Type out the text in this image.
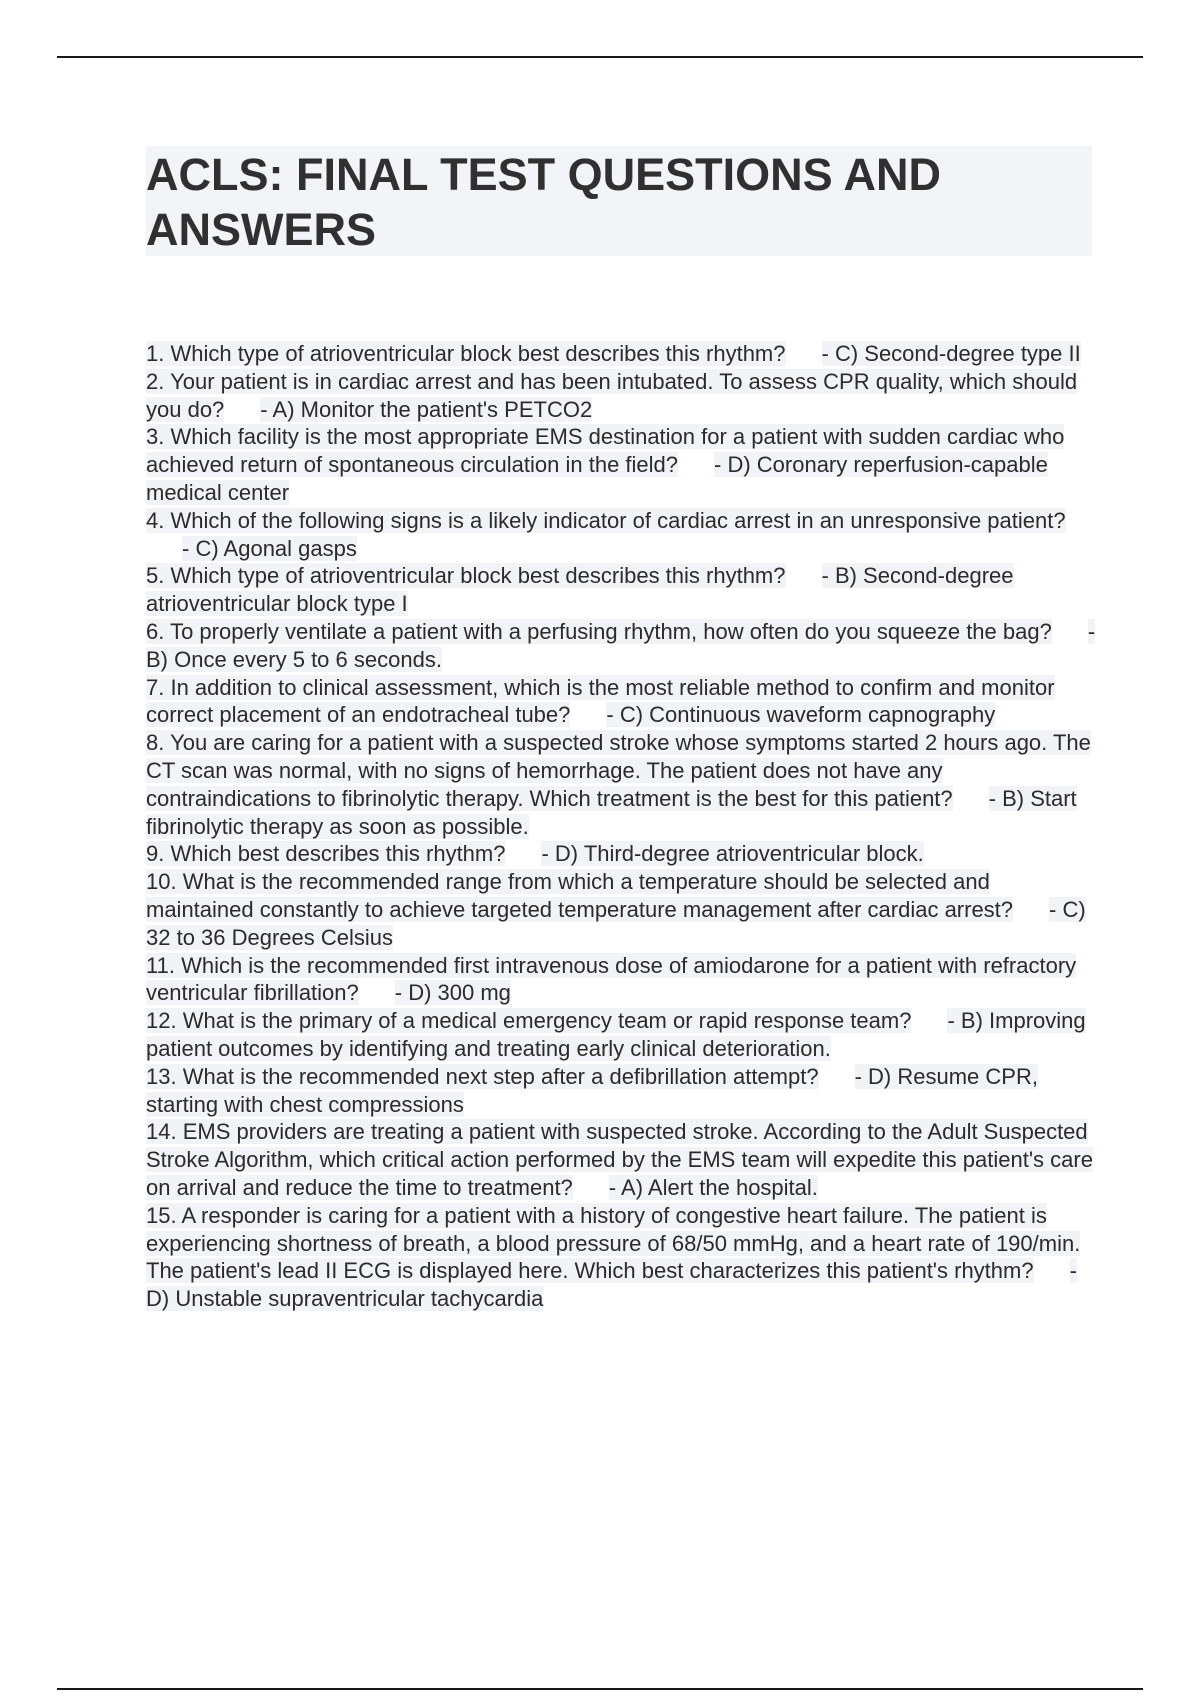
ACLS: FINAL TEST QUESTIONS AND ANSWERS
1. Which type of atrioventricular block best describes this rhythm? - C) Second-degree type II
2. Your patient is in cardiac arrest and has been intubated. To assess CPR quality, which should you do? - A) Monitor the patient's PETCO2
3. Which facility is the most appropriate EMS destination for a patient with sudden cardiac who achieved return of spontaneous circulation in the field? - D) Coronary reperfusion-capable medical center
4. Which of the following signs is a likely indicator of cardiac arrest in an unresponsive patient?- C) Agonal gasps
5. Which type of atrioventricular block best describes this rhythm? - B) Second-degree atrioventricular block type I
6. To properly ventilate a patient with a perfusing rhythm, how often do you squeeze the bag? - B) Once every 5 to 6 seconds.
7. In addition to clinical assessment, which is the most reliable method to confirm and monitor correct placement of an endotracheal tube? - C) Continuous waveform capnography
8. You are caring for a patient with a suspected stroke whose symptoms started 2 hours ago. The CT scan was normal, with no signs of hemorrhage. The patient does not have any contraindications to fibrinolytic therapy. Which treatment is the best for this patient? - B) Start fibrinolytic therapy as soon as possible.
9. Which best describes this rhythm? - D) Third-degree atrioventricular block.
10. What is the recommended range from which a temperature should be selected and maintained constantly to achieve targeted temperature management after cardiac arrest? - C) 32 to 36 Degrees Celsius
11. Which is the recommended first intravenous dose of amiodarone for a patient with refractory ventricular fibrillation? - D) 300 mg
12. What is the primary of a medical emergency team or rapid response team? - B) Improving patient outcomes by identifying and treating early clinical deterioration.
13. What is the recommended next step after a defibrillation attempt? - D) Resume CPR, starting with chest compressions
14. EMS providers are treating a patient with suspected stroke. According to the Adult Suspected Stroke Algorithm, which critical action performed by the EMS team will expedite this patient's care on arrival and reduce the time to treatment? - A) Alert the hospital.
15. A responder is caring for a patient with a history of congestive heart failure. The patient is experiencing shortness of breath, a blood pressure of 68/50 mmHg, and a heart rate of 190/min. The patient's lead II ECG is displayed here. Which best characterizes this patient's rhythm? - D) Unstable supraventricular tachycardia
